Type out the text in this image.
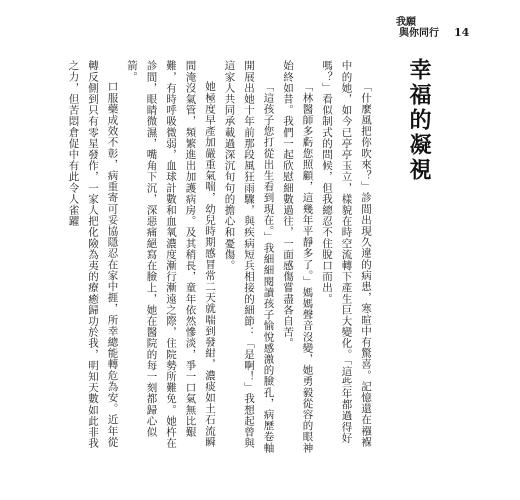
我願
與你同行 14
幸福的凝視

「什麼風把你吹來？」診間出現久違的病患，寒暄中有驚喜。記憶還在襁褓中的她，如今已亭亭玉立，樣貌在時空流轉下產生巨大變化。「這些年都過得好嗎？」看似制式的問候，但我總忍不住脫口而出。

「林醫師多虧您照顧，這幾年平靜多了。」媽媽聲音沒變，她勇毅從容的眼神始終如昔。我們一起欣慰細數過往，一面感傷嘗盡各自苦。

「這孩子您打從出生看到現在。」我細細閱讀孩子愉悅感激的臉孔，病歷卷軸開展出她十年前那段風狂雨驟，與疾病短兵相接的細節：「是啊！」我想起曾與這家人共同承載過深沉旬句的擔心和憂傷。

她極度早產加嚴重氣喘，幼兒時期感冒常二天就喘到發紺，濃痰如土石流瞬間淹沒氣管，頻繁進出加護病房。及其稍長，童年依然慘淡，爭一口氣無比艱難，有時呼吸微弱，血球計數和血氧濃度漸行漸遠之際，住院勢所難免。她杵在診間，眼睛微濕，嘴角下沉，深惡痛絕寫在臉上，她在醫院的每一刻都歸心似箭。

口服藥成效不彰，病重寄可妥協隱忍在家中捱，所幸總能轉危為安。近年從轉反側到只有零星發作，一家人把化險為夷的療癒歸功於我，明知天數如此非我之力，但苦悶倉促中有此令人雀躍
